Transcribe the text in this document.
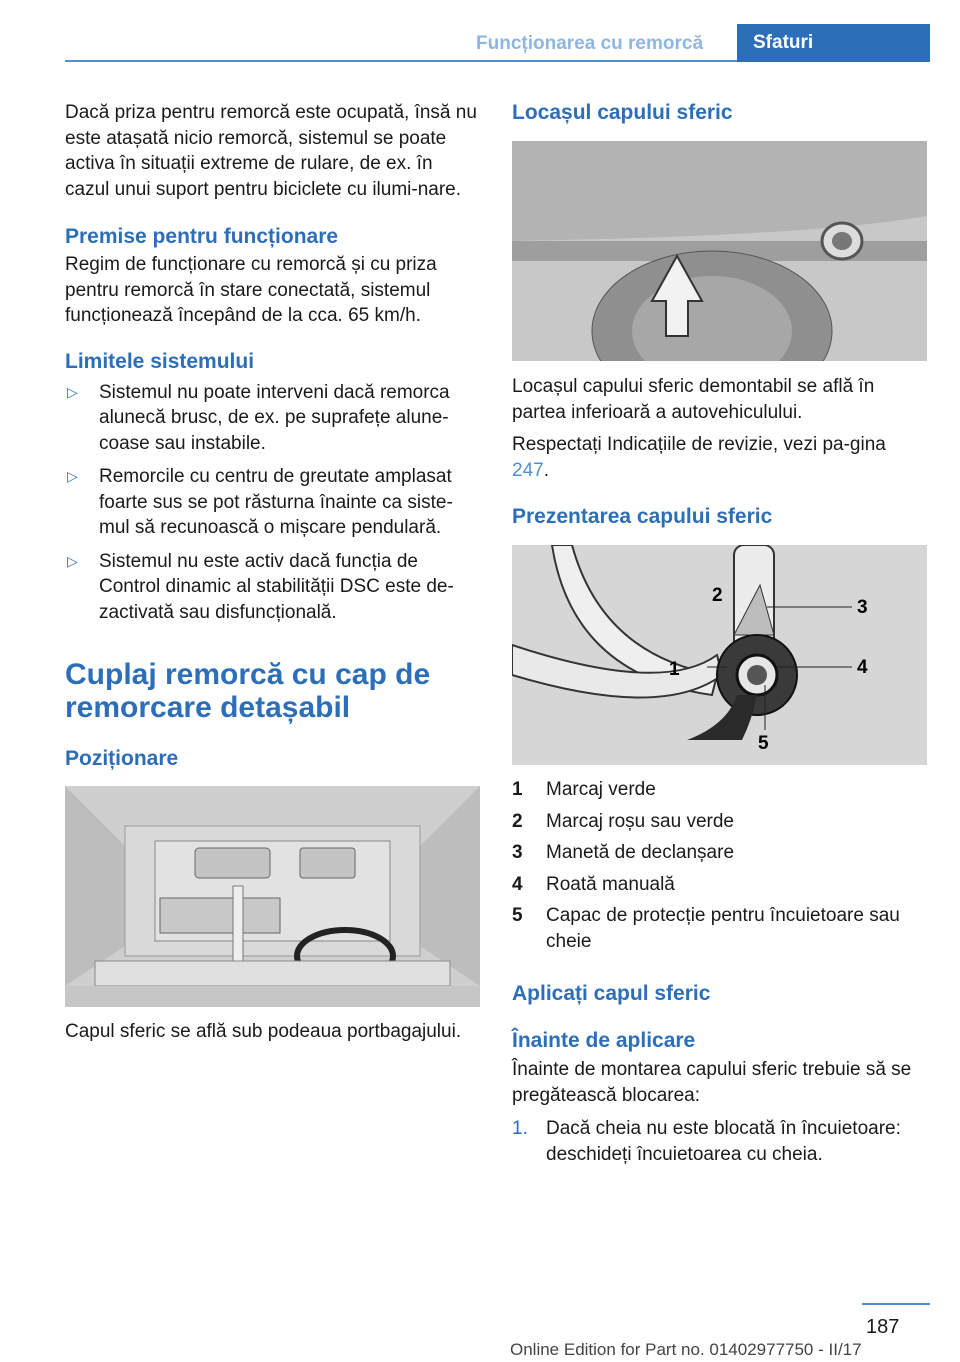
Funcționarea cu remorcă	Sfaturi

Dacă priza pentru remorcă este ocupată, însă nu este atașată nicio remorcă, sistemul se poate activa în situații extreme de rulare, de ex. în cazul unui suport pentru biciclete cu ilumi‐nare.

Premise pentru funcționare

Regim de funcționare cu remorcă și cu priza pentru remorcă în stare conectată, sistemul funcționează începând de la cca. 65 km/h.

Limitele sistemului
▷ Sistemul nu poate interveni dacă remorca alunecă brusc, de ex. pe suprafețe alune‐coase sau instabile.
▷ Remorcile cu centru de greutate amplasat foarte sus se pot răsturna înainte ca siste‐mul să recunoască o mișcare pendulară.
▷ Sistemul nu este activ dacă funcția de Control dinamic al stabilității DSC este de‐zactivată sau disfuncțională.
Cuplaj remorcă cu cap de remorcare detașabil
Poziționare

Capul sferic se află sub podeaua portbagajului.

Locașul capului sferic

Locașul capului sferic demontabil se află în partea inferioară a autovehiculului.

Respectați Indicațiile de revizie, vezi pa‐gina 247.

Prezentarea capului sferic
2
3
1	4
5
1 Marcaj verde
2 Marcaj roșu sau verde
3 Manetă de declanșare
4 Roată manuală
5 Capac de protecție pentru încuietoare sau cheie
Aplicați capul sferic
Înainte de aplicare

Înainte de montarea capului sferic trebuie să se pregătească blocarea:

1. Dacă cheia nu este blocată în încuietoare: deschideți încuietoarea cu cheia.
187
Online Edition for Part no. 01402977750 - II/17
